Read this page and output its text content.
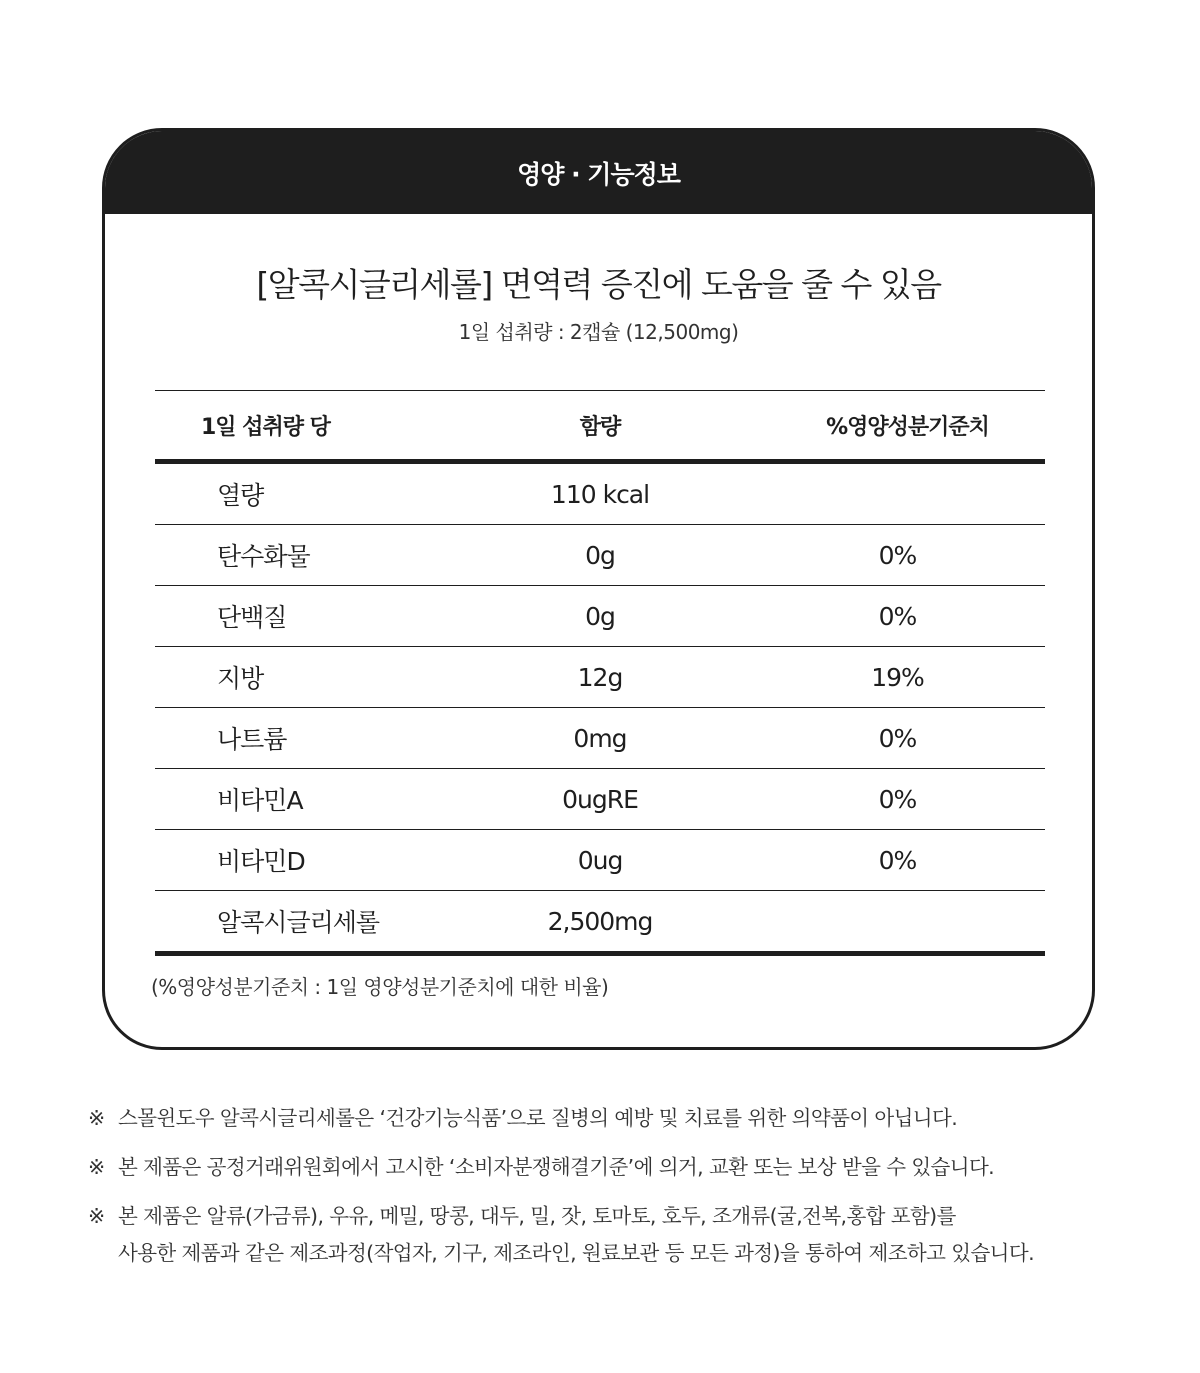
영양 · 기능정보
[알콕시글리세롤] 면역력 증진에 도움을 줄 수 있음
1일 섭취량 : 2캡슐 (12,500mg)
1일 섭취량 당	함량	%영양성분기준치
열량	110 kcal
탄수화물	0g	0%
단백질	0g	0%
지방	12g	19%
나트륨	0mg	0%
비타민A	0ugRE	0%
비타민D	0ug	0%
알콕시글리세롤	2,500mg
(%영양성분기준치 : 1일 영양성분기준치에 대한 비율)
※ 스몰윈도우 알콕시글리세롤은 ‘건강기능식품’으로 질병의 예방 및 치료를 위한 의약품이 아닙니다.
※ 본 제품은 공정거래위원회에서 고시한 ‘소비자분쟁해결기준’에 의거, 교환 또는 보상 받을 수 있습니다.
※ 본 제품은 알류(가금류), 우유, 메밀, 땅콩, 대두, 밀, 잣, 토마토, 호두, 조개류(굴,전복,홍합 포함)를
사용한 제품과 같은 제조과정(작업자, 기구, 제조라인, 원료보관 등 모든 과정)을 통하여 제조하고 있습니다.
